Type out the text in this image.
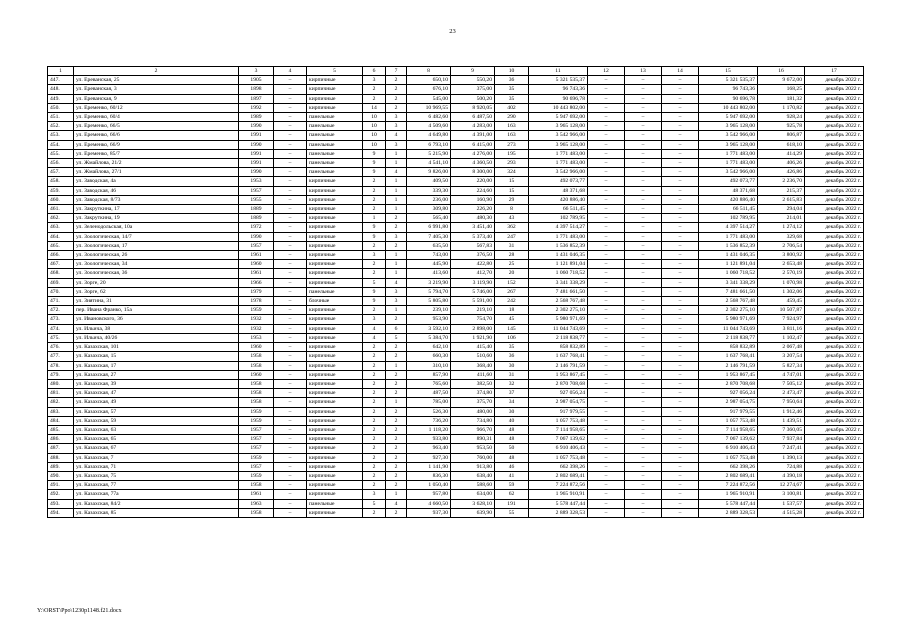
23
1	2	3	4	5	6	7	8	9	10	11	12	13	14	15	16	17
447.	ул. Ереванская, 25	1905	–	кирпичные	3	2	650,10	550,20	36	5 321 535,37	–	–	–	5 321 535,37	9 672,00	декабрь 2022 г.
448.	ул. Ереванская, 3	1898	–	кирпичные	2	2	676,10	375,00	35	96 743,36	–	–	–	96 743,36	168,25	декабрь 2022 г.
449.	ул. Ереванская, 9	1897	–	кирпичные	2	2	545,00	500,20	35	90 696,78	–	–	–	90 696,78	181,32	декабрь 2022 г.
450.	ул. Еременко, 60/12	1992	–	кирпичные	14	2	10 969,55	8 920,05	402	10 443 802,00	–	–	–	10 443 802,00	1 170,82	декабрь 2022 г.
451.	ул. Еременко, 60/4	1989	–	панельные	10	3	6 482,60	6 487,50	290	5 947 692,00	–	–	–	5 947 692,00	928,24	декабрь 2022 г.
452.	ул. Еременко, 66/5	1990	–	панельные	10	3	4 509,60	4 283,00	163	3 965 128,00	–	–	–	3 965 128,00	925,78	декабрь 2022 г.
453.	ул. Еременко, 66/6	1991	–	панельные	10	4	4 649,80	4 391,00	163	3 542 966,00	–	–	–	3 542 966,00	806,87	декабрь 2022 г.
454.	ул. Еременко, 66/9	1990	–	панельные	10	3	6 793,10	6 415,00	273	3 965 128,00	–	–	–	3 965 128,00	618,10	декабрь 2022 г.
455.	ул. Еременко, 85/7	1991	–	панельные	9	1	5 215,90	4 276,00	195	1 771 483,00	–	–	–	1 771 483,00	414,29	декабрь 2022 г.
456.	ул. Жмайлова, 21/2	1991	–	панельные	9	1	4 541,10	4 360,50	293	1 771 483,00	–	–	–	1 771 483,00	406,26	декабрь 2022 г.
457.	ул. Жмайлова, 27/1	1990	–	панельные	9	4	9 826,00	8 300,00	324	3 542 966,00	–	–	–	3 542 966,00	426,86	декабрь 2022 г.
458.	ул. Заводская, 4а	1953	–	кирпичные	2	1	409,50	220,00	15	492 073,77	–	–	–	492 073,77	2 236,70	декабрь 2022 г.
459.	ул. Заводская, 46	1957	–	кирпичные	2	1	339,30	224,60	15	48 371,68	–	–	–	48 371,68	215,37	декабрь 2022 г.
460.	ул. Заводская, 8/73	1955	–	кирпичные	2	1	236,00	160,90	29	420 886,40	–	–	–	420 886,40	2 615,83	декабрь 2022 г.
461.	ул. Закруткина, 17	1889	–	кирпичные	2	1	309,80	226,20	8	66 511,45	–	–	–	66 511,45	294,04	декабрь 2022 г.
462.	ул. Закруткина, 19	1889	–	кирпичные	1	2	565,40	480,30	43	102 789,95	–	–	–	102 789,95	214,01	декабрь 2022 г.
463.	ул. Зеленодольская, 10а	1972	–	кирпичные	9	2	6 991,80	3 451,40	362	4 397 514,27	–	–	–	4 397 514,27	1 274,12	декабрь 2022 г.
464.	ул. Зоологическая, 14/7	1990	–	кирпичные	9	3	7 405,30	5 373,40	247	1 771 483,00	–	–	–	1 771 483,00	329,68	декабрь 2022 г.
465.	ул. Зоологическая, 17	1957	–	кирпичные	2	2	635,50	567,83	31	1 536 852,39	–	–	–	1 536 852,39	2 706,54	декабрь 2022 г.
466.	ул. Зоологическая, 26	1961	–	кирпичные	3	1	743,00	376,50	28	1 431 046,35	–	–	–	1 431 046,35	3 800,92	декабрь 2022 г.
467.	ул. Зоологическая, 34	1960	–	кирпичные	2	1	445,90	422,80	25	1 121 891,04	–	–	–	1 121 891,04	2 653,48	декабрь 2022 г.
468.	ул. Зоологическая, 36	1961	–	кирпичные	2	1	413,60	412,70	20	1 060 718,52	–	–	–	1 060 718,52	2 570,19	декабрь 2022 г.
469.	ул. Зорге, 20	1966	–	кирпичные	5	4	3 219,90	3 119,90	152	3 341 338,29	–	–	–	3 341 338,29	1 070,98	декабрь 2022 г.
470.	ул. Зорге, 62	1979	–	панельные	9	3	5 794,70	5 746,00	267	7 481 661,50	–	–	–	7 481 661,50	1 302,06	декабрь 2022 г.
471.	ул. Зиятина, 31	1978	–	блочные	9	3	5 805,80	5 591,00	242	2 568 767,48	–	–	–	2 568 767,48	459,45	декабрь 2022 г.
472.	пер. Ивана Франко, 15а	1959	–	кирпичные	2	1	239,10	219,10	18	2 302 275,10	–	–	–	2 302 275,10	10 507,87	декабрь 2022 г.
473.	ул. Ивановского, 36	1932	–	кирпичные	3	2	953,90	754,70	45	5 980 971,69	–	–	–	5 980 971,69	7 924,97	декабрь 2022 г.
474.	ул. Ильича, 38	1932	–	кирпичные	4	6	3 592,10	2 898,00	145	11 044 743,69	–	–	–	11 044 743,69	3 811,16	декабрь 2022 г.
475.	ул. Ильича, 40/26	1953	–	кирпичные	4	5	5 384,70	1 921,90	106	2 118 838,77	–	–	–	2 118 838,77	1 102,47	декабрь 2022 г.
476.	ул. Казахская, 101	1960	–	кирпичные	2	2	642,10	415,40	35	858 832,89	–	–	–	858 832,89	2 067,48	декабрь 2022 г.
477.	ул. Казахская, 15	1958	–	кирпичные	2	2	660,30	510,60	36	1 637 768,41	–	–	–	1 637 768,41	3 207,54	декабрь 2022 г.
478.	ул. Казахская, 17	1958	–	кирпичные	2	1	310,10	368,40	30	2 146 791,59	–	–	–	2 146 791,59	5 827,34	декабрь 2022 г.
479.	ул. Казахская, 27	1960	–	кирпичные	2	2	857,90	411,60	31	1 953 867,45	–	–	–	1 953 867,45	4 747,01	декабрь 2022 г.
480.	ул. Казахская, 39	1958	–	кирпичные	2	2	765,60	382,50	32	2 870 708,68	–	–	–	2 870 708,68	7 505,12	декабрь 2022 г.
481.	ул. Казахская, 47	1958	–	кирпичные	2	2	487,50	374,80	37	927 056,24	–	–	–	927 056,24	2 473,47	декабрь 2022 г.
482.	ул. Казахская, 49	1958	–	кирпичные	2	1	785,00	375,70	34	2 987 054,75	–	–	–	2 987 054,75	7 950,64	декабрь 2022 г.
483.	ул. Казахская, 57	1959	–	кирпичные	2	2	526,30	480,00	30	917 979,55	–	–	–	917 979,55	1 912,46	декабрь 2022 г.
484.	ул. Казахская, 59	1959	–	кирпичные	2	2	736,20	734,80	40	1 057 753,48	–	–	–	1 057 753,48	1 439,51	декабрь 2022 г.
485.	ул. Казахская, 63	1957	–	кирпичные	2	2	1 118,20	966,70	48	7 114 958,65	–	–	–	7 114 958,65	7 360,05	декабрь 2022 г.
486.	ул. Казахская, 65	1957	–	кирпичные	2	2	933,80	890,31	48	7 067 139,62	–	–	–	7 067 139,62	7 937,84	декабрь 2022 г.
487.	ул. Казахская, 67	1957	–	кирпичные	2	2	963,40	953,50	50	6 910 406,43	–	–	–	6 910 406,43	7 247,41	декабрь 2022 г.
488.	ул. Казахская, 7	1959	–	кирпичные	2	2	927,30	760,00	48	1 057 753,48	–	–	–	1 057 753,48	1 390,13	декабрь 2022 г.
489.	ул. Казахская, 71	1957	–	кирпичные	2	2	1 141,90	913,80	46	662 398,26	–	–	–	662 398,26	724,88	декабрь 2022 г.
490.	ул. Казахская, 75	1959	–	кирпичные	2	2	836,30	638,40	41	2 802 689,41	–	–	–	2 802 689,41	4 390,18	декабрь 2022 г.
491.	ул. Казахская, 77	1958	–	кирпичные	2	2	1 050,40	588,60	59	7 224 872,56	–	–	–	7 224 872,56	12 274,67	декабрь 2022 г.
492.	ул. Казахская, 77а	1961	–	кирпичные	3	1	957,80	634,00	62	1 965 910,91	–	–	–	1 965 910,91	3 100,81	декабрь 2022 г.
493.	ул. Казахская, 84/2	1963	–	панельные	5	4	4 660,50	3 628,10	191	5 578 447,44	–	–	–	5 578 447,44	1 537,57	декабрь 2022 г.
494.	ул. Казахская, 85	1958	–	кирпичные	2	2	937,30	639,90	55	2 889 328,53	–	–	–	2 889 328,53	4 515,28	декабрь 2022 г.
Y:\ORST\Ppo\1230p1148.f21.docx
